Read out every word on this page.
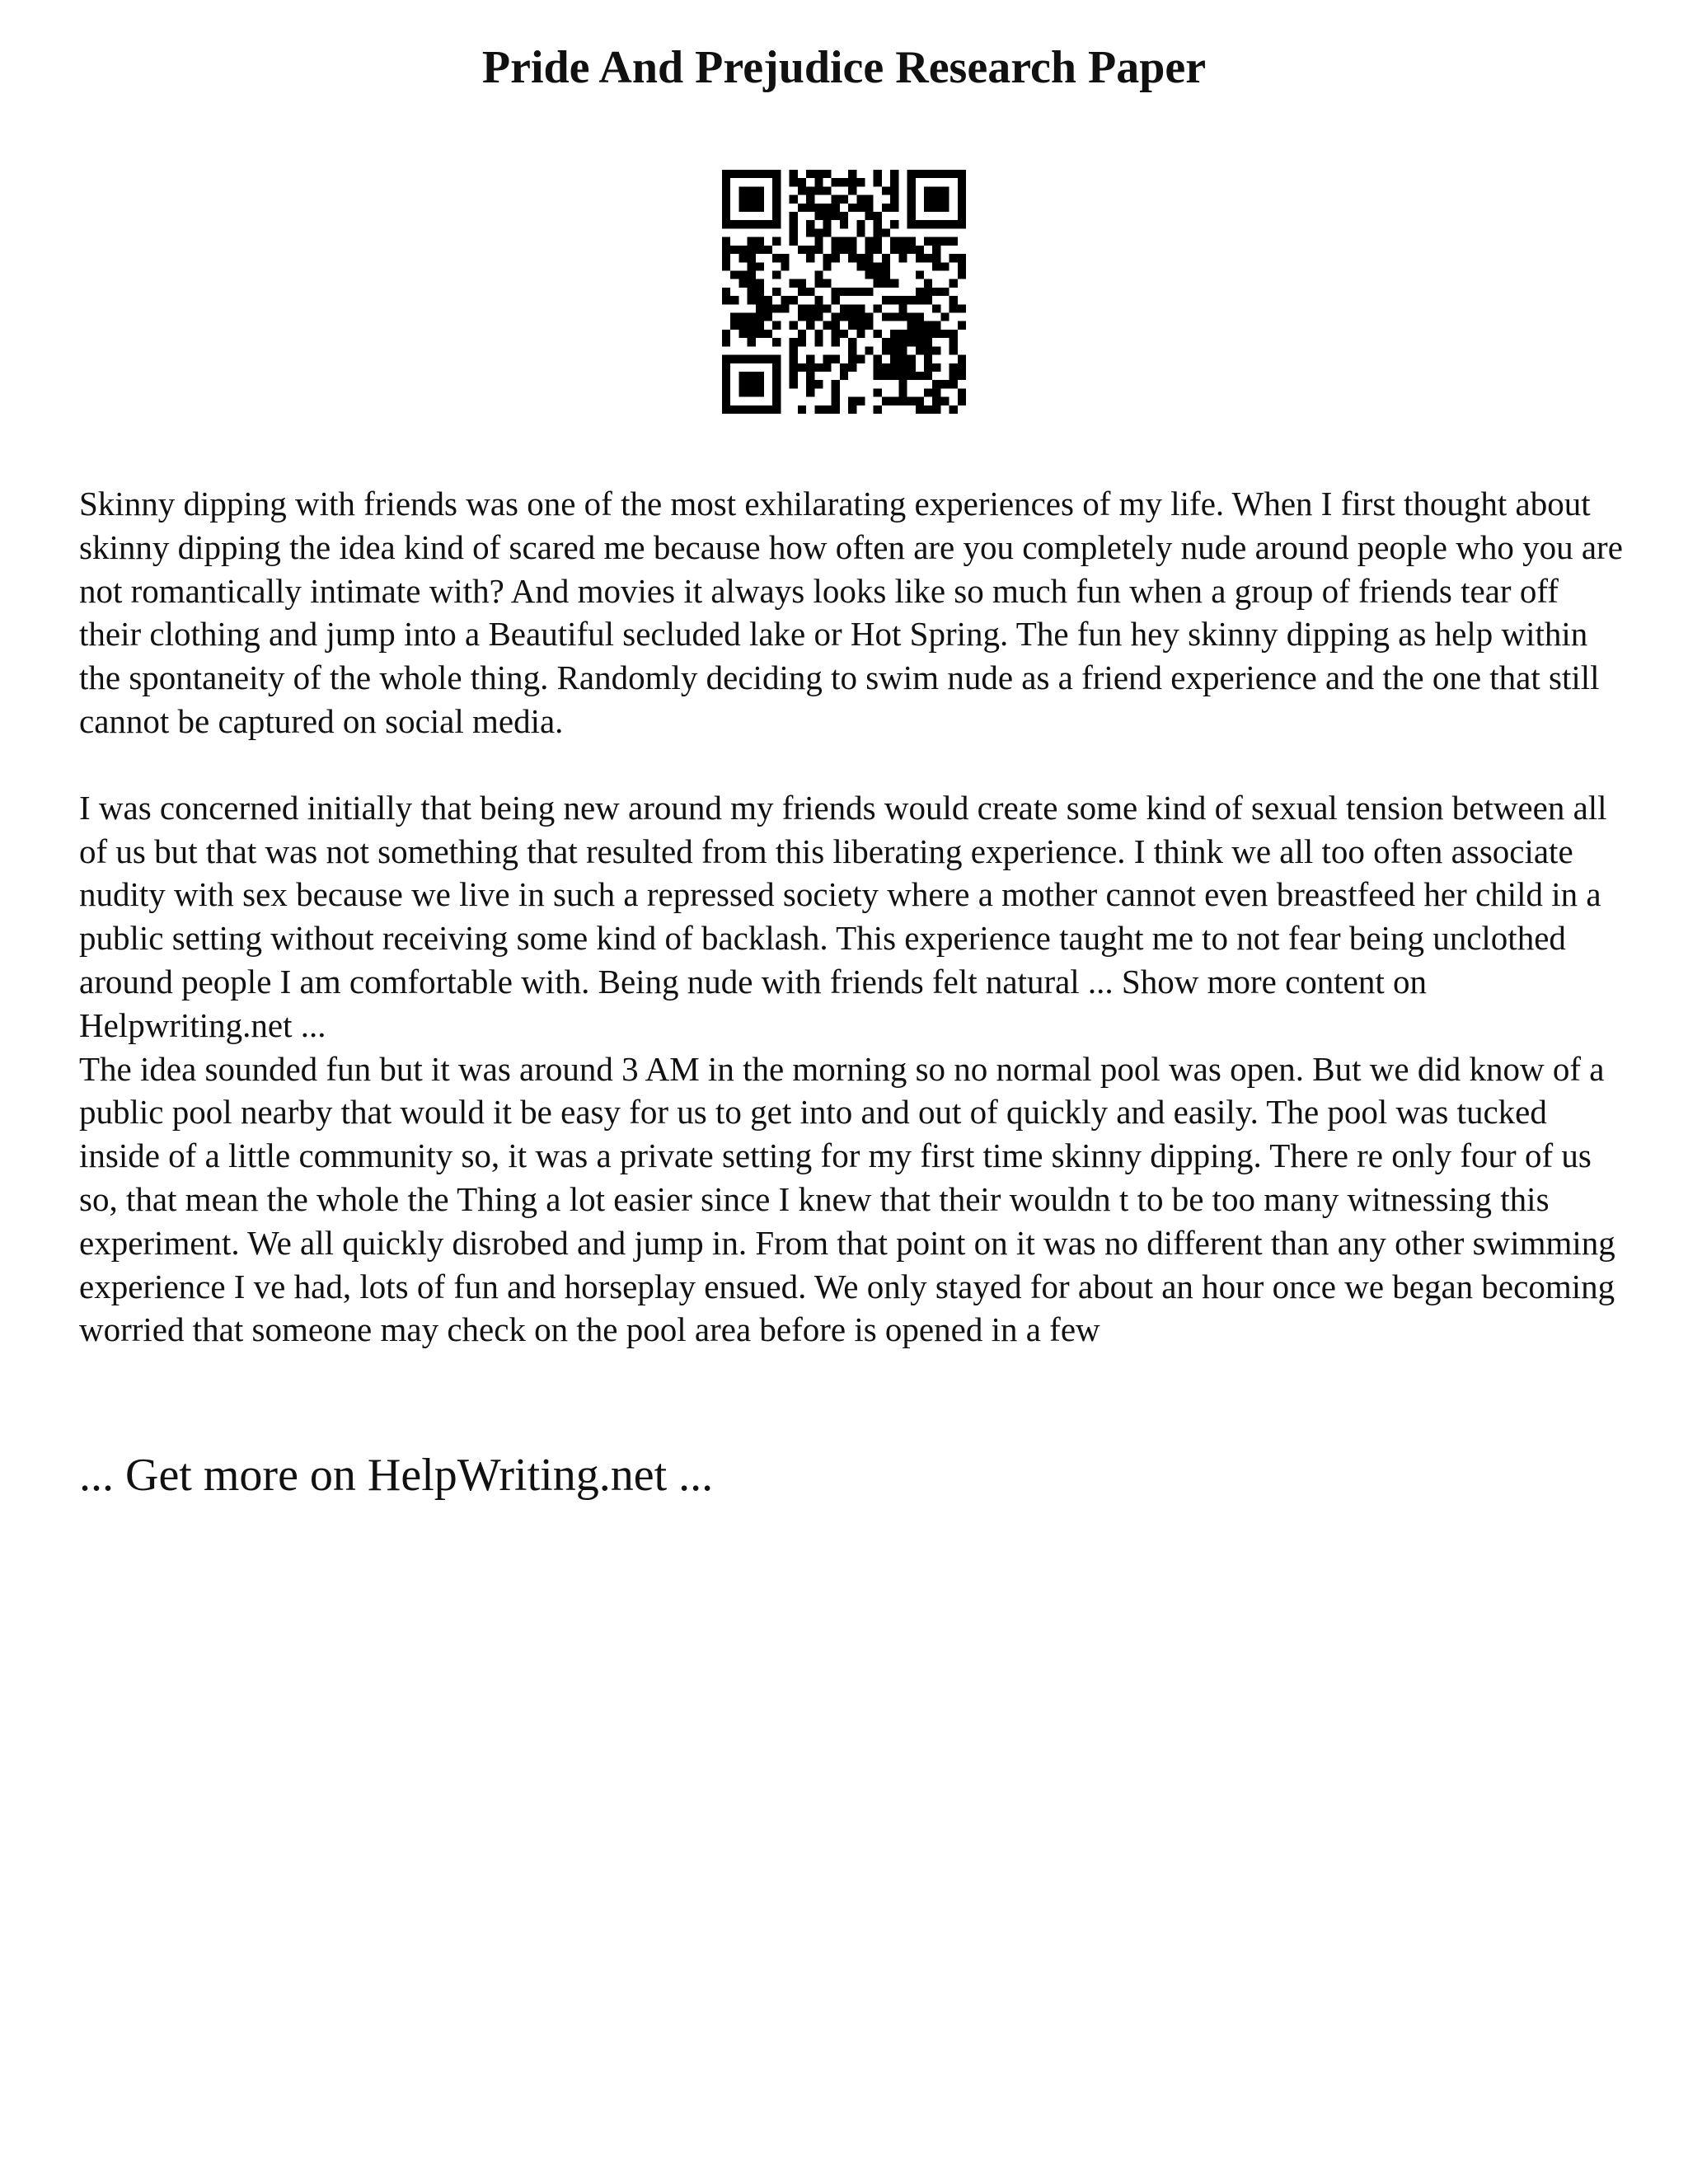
Pride And Prejudice Research Paper

Skinny dipping with friends was one of the most exhilarating experiences of my life. When I first thought about skinny dipping the idea kind of scared me because how often are you completely nude around people who you are not romantically intimate with? And movies it always looks like so much fun when a group of friends tear off their clothing and jump into a Beautiful secluded lake or Hot Spring. The fun hey skinny dipping as help within the spontaneity of the whole thing. Randomly deciding to swim nude as a friend experience and the one that still cannot be captured on social media.

I was concerned initially that being new around my friends would create some kind of sexual tension between all of us but that was not something that resulted from this liberating experience. I think we all too often associate nudity with sex because we live in such a repressed society where a mother cannot even breastfeed her child in a public setting without receiving some kind of backlash. This experience taught me to not fear being unclothed around people I am comfortable with. Being nude with friends felt natural ... Show more content on Helpwriting.net ...

The idea sounded fun but it was around 3 AM in the morning so no normal pool was open. But we did know of a public pool nearby that would it be easy for us to get into and out of quickly and easily. The pool was tucked inside of a little community so, it was a private setting for my first time skinny dipping. There re only four of us so, that mean the whole the Thing a lot easier since I knew that their wouldn t to be too many witnessing this experiment. We all quickly disrobed and jump in. From that point on it was no different than any other swimming experience I ve had, lots of fun and horseplay ensued. We only stayed for about an hour once we began becoming worried that someone may check on the pool area before is opened in a few

... Get more on HelpWriting.net ...
